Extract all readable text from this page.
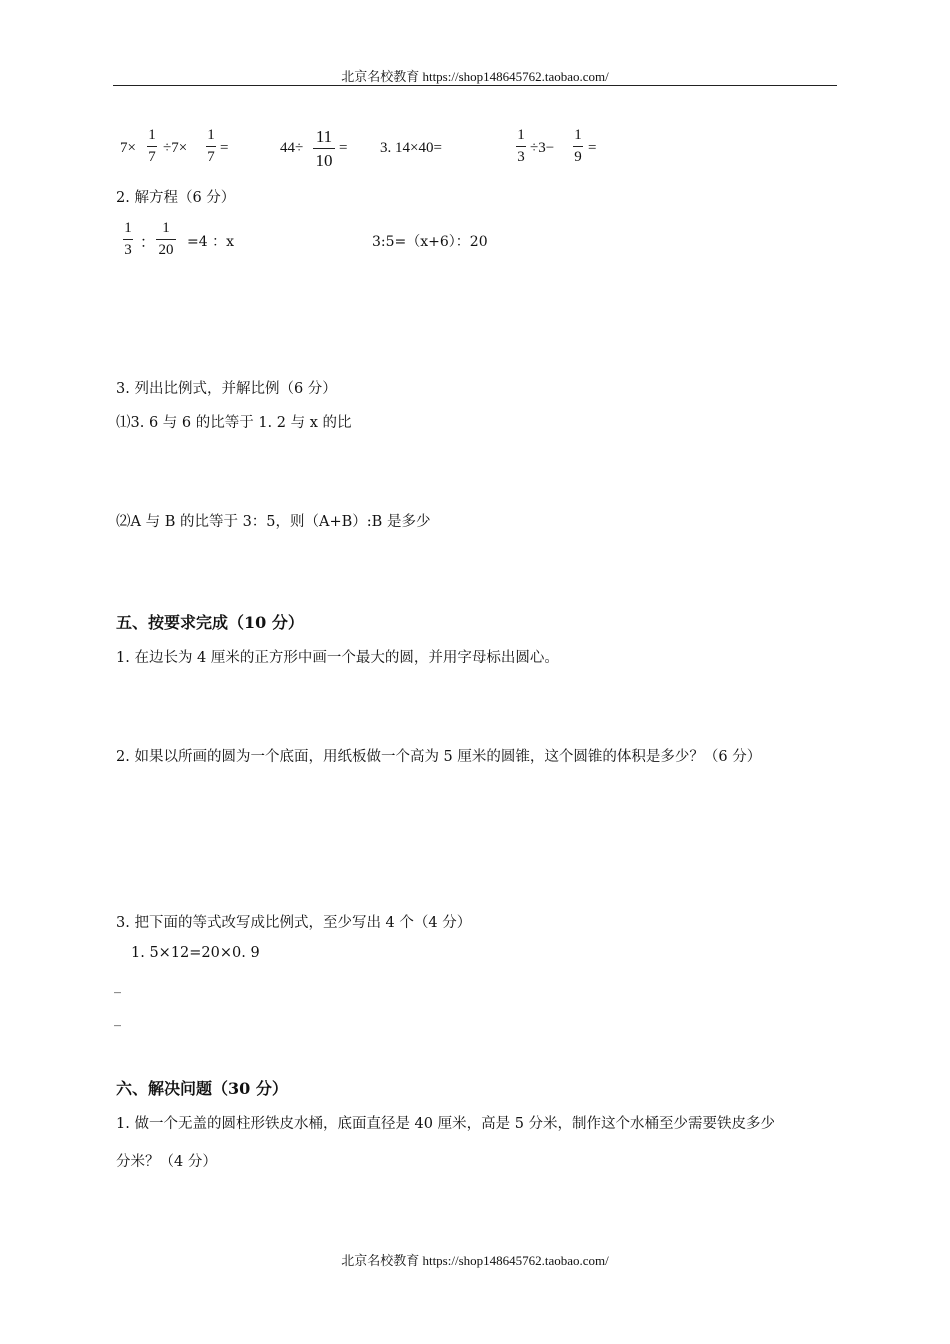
北京名校教育 https://shop148645762.taobao.com/
7×
1
7
÷7×
1
7
=	44÷
11
10
= 3. 14×40=
1
3
÷3−
1
9
=
2. 解方程（6 分）
1
3 ：
1
20 =4 ：x	3:5=（x+6）：20
3. 列出比例式，并解比例（6 分）
⑴3. 6 与 6 的比等于 1. 2 与 x 的比
⑵A 与 B 的比等于 3：5，则（A+B）:B 是多少
五、按要求完成（10 分）
1. 在边长为 4 厘米的正方形中画一个最大的圆，并用字母标出圆心。
2. 如果以所画的圆为一个底面，用纸板做一个高为 5 厘米的圆锥，这个圆锥的体积是多少？（6 分）
3. 把下面的等式改写成比例式，至少写出 4 个（4 分）
1. 5×12=20×0. 9
_
_
六、解决问题（30 分）
1. 做一个无盖的圆柱形铁皮水桶，底面直径是 40 厘米，高是 5 分米，制作这个水桶至少需要铁皮多少
分米？（4 分）
北京名校教育 https://shop148645762.taobao.com/
